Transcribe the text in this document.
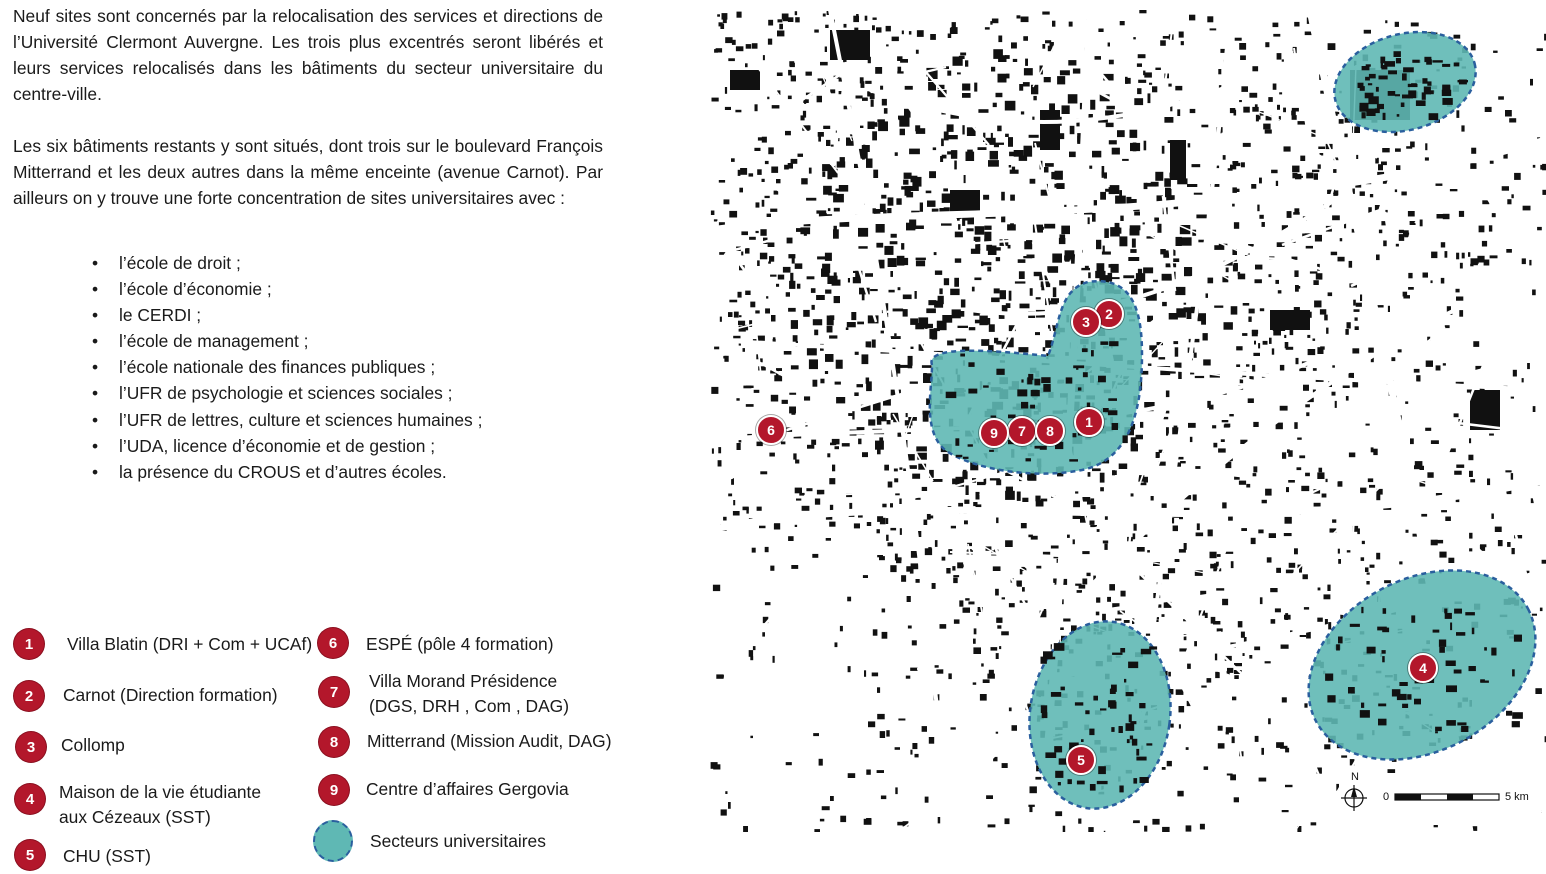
Neuf sites sont concernés par la relocalisation des services et directions de l’Université Clermont Auvergne. Les trois plus excentrés seront libérés et leurs services relocalisés dans les bâtiments du secteur universitaire du centre-ville.

Les six bâtiments restants y sont situés, dont trois sur le boulevard François Mitterrand et les deux autres dans la même enceinte (avenue Carnot). Par ailleurs on y trouve une forte concentration de sites universitaires avec :

• l’école de droit ;
• l’école d’économie ;
• le CERDI ;
• l’école de management ;
• l’école nationale des finances publiques ;
• l’UFR de psychologie et sciences sociales ;
• l’UFR de lettres, culture et sciences humaines ;
• l’UDA, licence d’économie et de gestion ;
• la présence du CROUS et d’autres écoles.
1	Villa Blatin (DRI + Com + UCAf)
2	Carnot (Direction formation)
3	Collomp
4	Maison de la vie étudiante
aux Cézeaux (SST)
5	CHU (SST)
6	ESPÉ (pôle 4 formation)
7
Villa Morand Présidence
(DGS, DRH , Com , DAG)
8	Mitterrand (Mission Audit, DAG)
9	Centre d’affaires Gergovia
Secteurs universitaires
1
2
3
4
5
6	7	8
9
N
0	5 km
